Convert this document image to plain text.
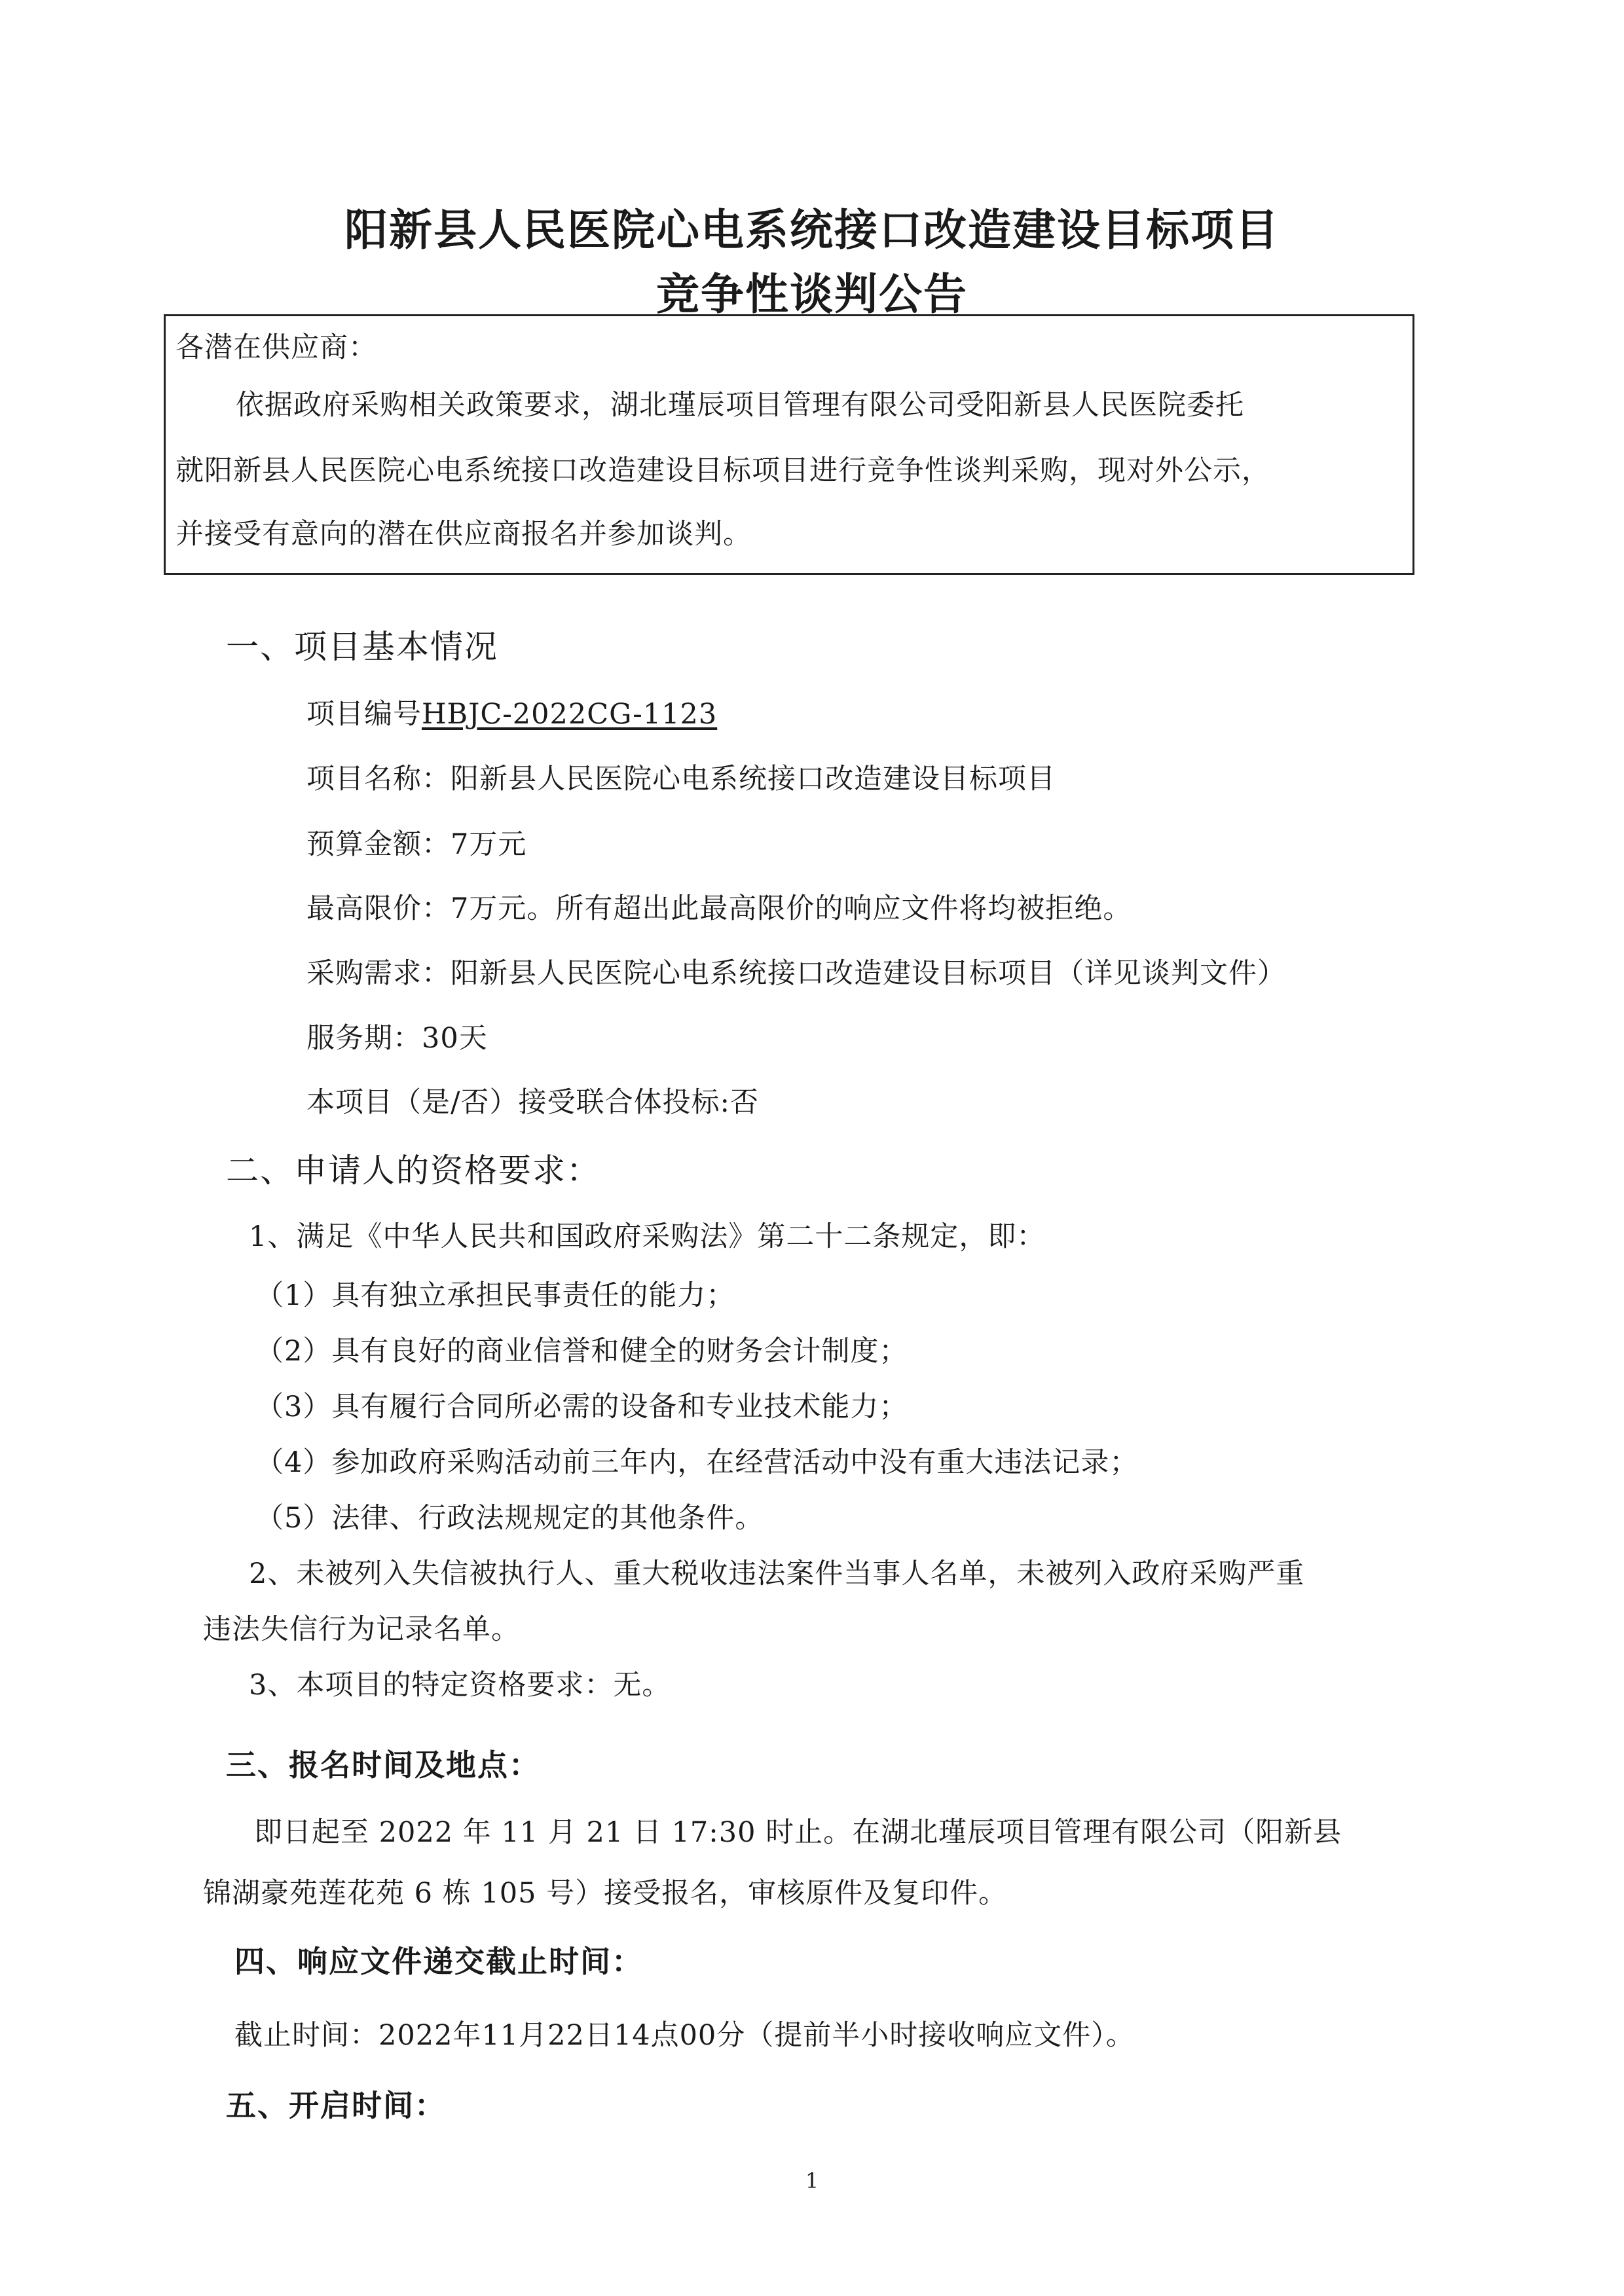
阳新县人民医院心电系统接口改造建设目标项目
竞争性谈判公告
各潜在供应商：
依据政府采购相关政策要求，湖北瑾辰项目管理有限公司受阳新县人民医院委托
就阳新县人民医院心电系统接口改造建设目标项目进行竞争性谈判采购，现对外公示，
并接受有意向的潜在供应商报名并参加谈判。
一、项目基本情况
项目编号HBJC-2022CG-1123
项目名称：阳新县人民医院心电系统接口改造建设目标项目
预算金额：7万元
最高限价：7万元。所有超出此最高限价的响应文件将均被拒绝。
采购需求：阳新县人民医院心电系统接口改造建设目标项目（详见谈判文件）
服务期：30天
本项目（是/否）接受联合体投标:否
二、申请人的资格要求：
1、满足《中华人民共和国政府采购法》第二十二条规定，即：
（1）具有独立承担民事责任的能力；
（2）具有良好的商业信誉和健全的财务会计制度；
（3）具有履行合同所必需的设备和专业技术能力；
（4）参加政府采购活动前三年内，在经营活动中没有重大违法记录；
（5）法律、行政法规规定的其他条件。
2、未被列入失信被执行人、重大税收违法案件当事人名单，未被列入政府采购严重
违法失信行为记录名单。
3、本项目的特定资格要求：无。
三、报名时间及地点：
即日起至 2022 年 11 月 21 日 17:30 时止。在湖北瑾辰项目管理有限公司（阳新县
锦湖豪苑莲花苑 6 栋 105 号）接受报名，审核原件及复印件。
四、响应文件递交截止时间：
截止时间：2022年11月22日14点00分（提前半小时接收响应文件）。
五、开启时间：
1
